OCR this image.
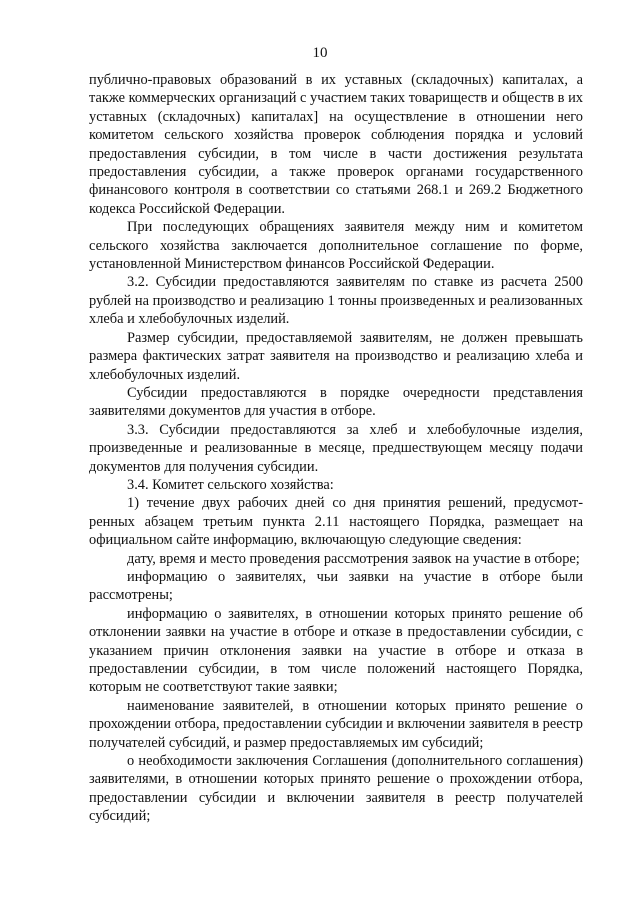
10

публично-правовых образований в их уставных (складочных) капиталах, а также коммерческих организаций с участием таких товариществ и обществ в их уставных (складочных) капиталах] на осуществление в отношении него комитетом сельского хозяйства проверок соблюдения порядка и условий предоставления субсидии, в том числе в части достижения результата предоставления субсидии, а также проверок органами государственного финансового контроля в соответствии со статьями 268.1 и 269.2 Бюджетного кодекса Российской Федерации.

При последующих обращениях заявителя между ним и комитетом сельского хозяйства заключается дополнительное соглашение по форме, установленной Министерством финансов Российской Федерации.

3.2. Субсидии предоставляются заявителям по ставке из расчета 2500 рублей на производство и реализацию 1 тонны произведенных и реализованных хлеба и хлебобулочных изделий.

Размер субсидии, предоставляемой заявителям, не должен превышать размера фактических затрат заявителя на производство и реализацию хлеба и хлебобулочных изделий.

Субсидии предоставляются в порядке очередности представления заявителями документов для участия в отборе.

3.3. Субсидии предоставляются за хлеб и хлебобулочные изделия, произведенные и реализованные в месяце, предшествующем месяцу подачи документов для получения субсидии.

3.4. Комитет сельского хозяйства:

1) течение двух рабочих дней со дня принятия решений, предусмотренных абзацем третьим пункта 2.11 настоящего Порядка, размещает на официальном сайте информацию, включающую следующие сведения:

дату, время и место проведения рассмотрения заявок на участие в отборе;

информацию о заявителях, чьи заявки на участие в отборе были рассмотрены;

информацию о заявителях, в отношении которых принято решение об отклонении заявки на участие в отборе и отказе в предоставлении субсидии, с указанием причин отклонения заявки на участие в отборе и отказа в предоставлении субсидии, в том числе положений настоящего Порядка, которым не соответствуют такие заявки;

наименование заявителей, в отношении которых принято решение о прохождении отбора, предоставлении субсидии и включении заявителя в реестр получателей субсидий, и размер предоставляемых им субсидий;

о необходимости заключения Соглашения (дополнительного соглашения) заявителями, в отношении которых принято решение о прохождении отбора, предоставлении субсидии и включении заявителя в реестр получателей субсидий;
